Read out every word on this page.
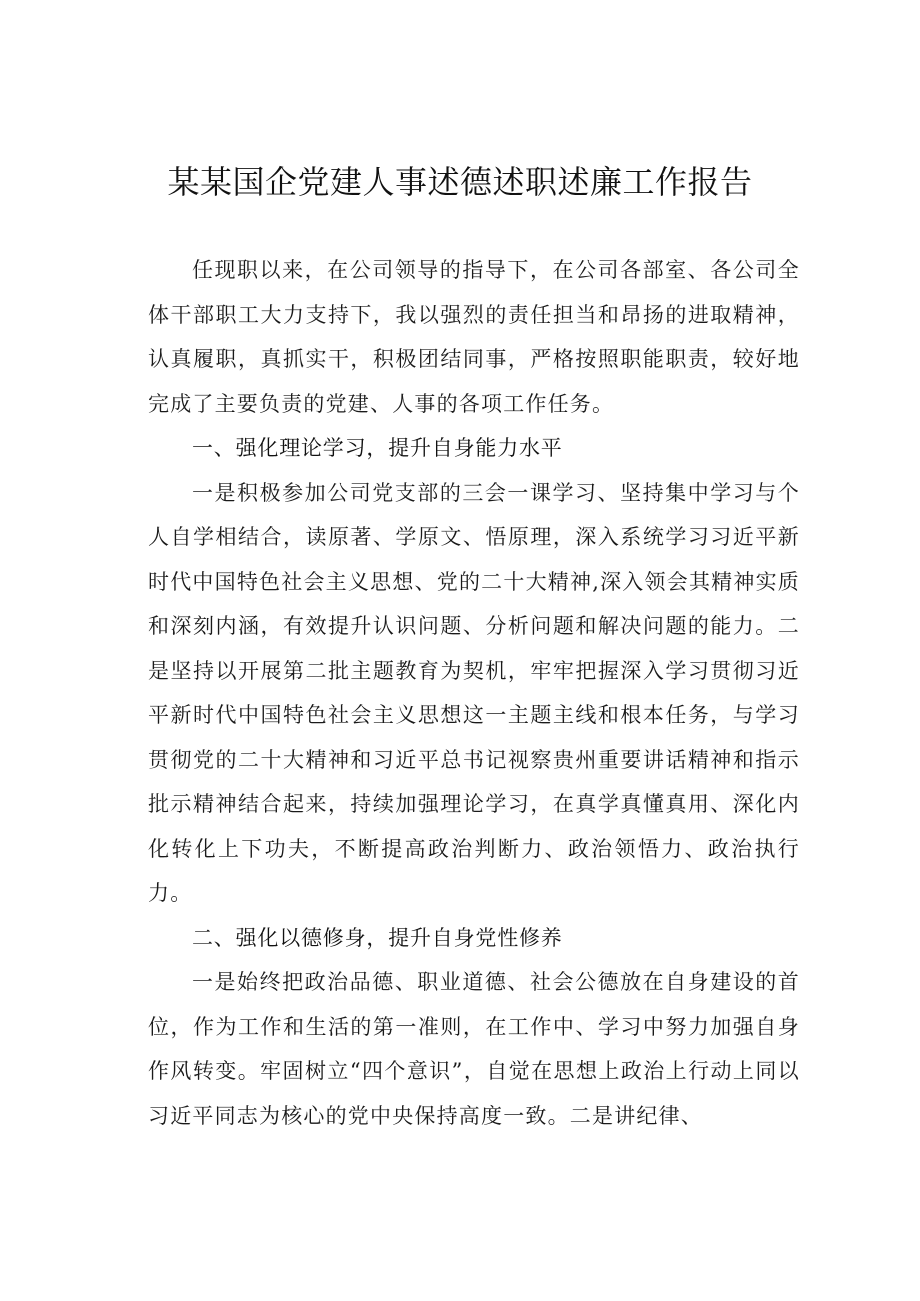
某某国企党建人事述德述职述廉工作报告

任现职以来，在公司领导的指导下，在公司各部室、各公司全体干部职工大力支持下，我以强烈的责任担当和昂扬的进取精神，认真履职，真抓实干，积极团结同事，严格按照职能职责，较好地完成了主要负责的党建、人事的各项工作任务。

一、强化理论学习，提升自身能力水平

一是积极参加公司党支部的三会一课学习、坚持集中学习与个人自学相结合，读原著、学原文、悟原理，深入系统学习习近平新时代中国特色社会主义思想、党的二十大精神,深入领会其精神实质和深刻内涵，有效提升认识问题、分析问题和解决问题的能力。二是坚持以开展第二批主题教育为契机，牢牢把握深入学习贯彻习近平新时代中国特色社会主义思想这一主题主线和根本任务，与学习贯彻党的二十大精神和习近平总书记视察贵州重要讲话精神和指示批示精神结合起来，持续加强理论学习，在真学真懂真用、深化内化转化上下功夫，不断提高政治判断力、政治领悟力、政治执行力。

二、强化以德修身，提升自身党性修养

一是始终把政治品德、职业道德、社会公德放在自身建设的首位，作为工作和生活的第一准则，在工作中、学习中努力加强自身作风转变。牢固树立“四个意识”，自觉在思想上政治上行动上同以习近平同志为核心的党中央保持高度一致。二是讲纪律、
